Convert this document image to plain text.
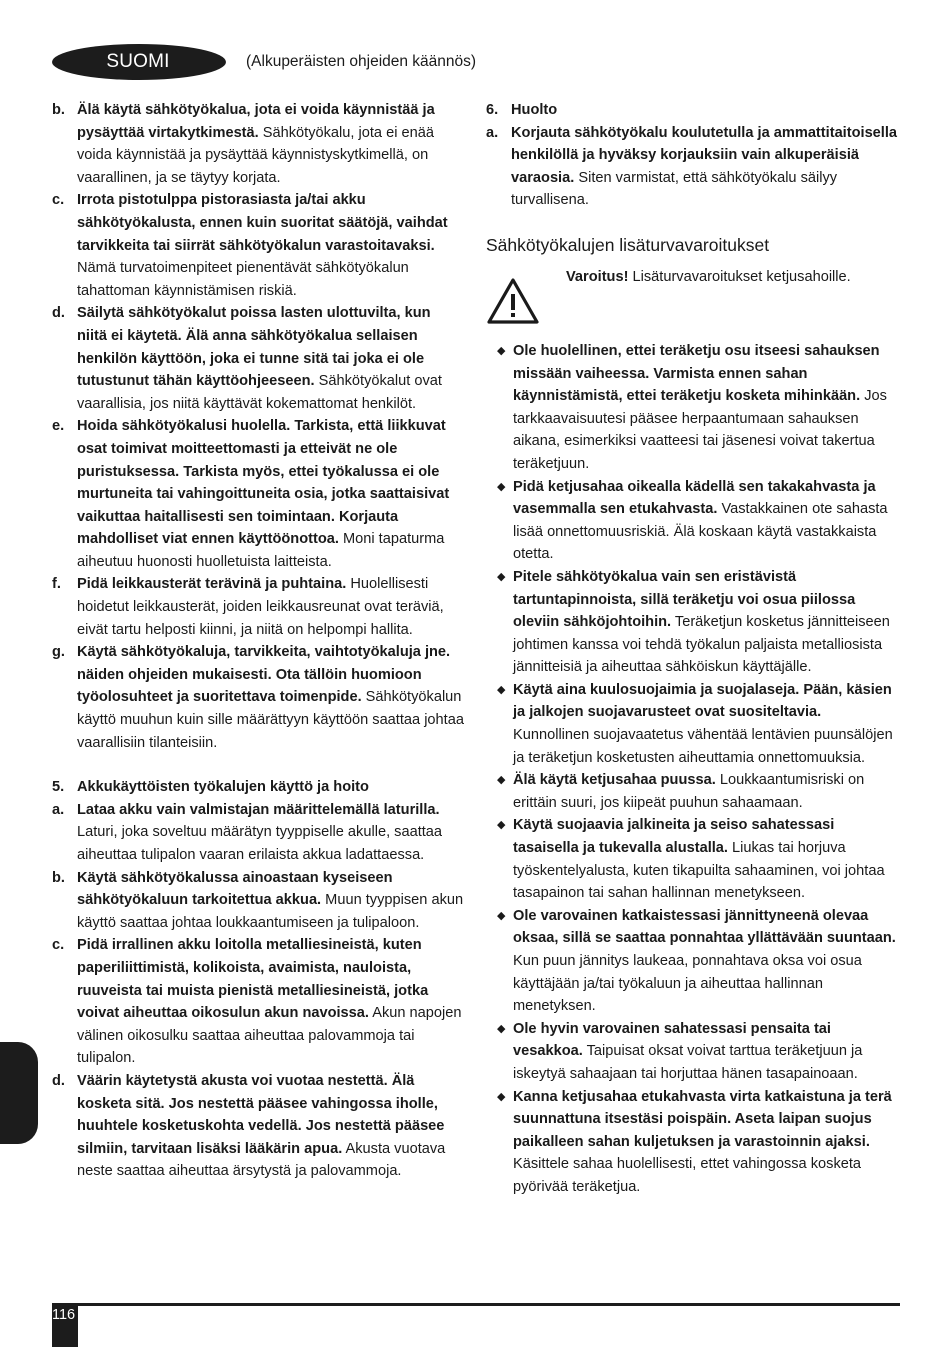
SUOMI	(Alkuperäisten ohjeiden käännös)
b. Älä käytä sähkötyökalua, jota ei voida käynnistää ja pysäyttää virtakytkimestä. Sähkötyökalu, jota ei enää voida käynnistää ja pysäyttää käynnistyskytkimellä, on vaarallinen, ja se täytyy korjata.
c. Irrota pistotulppa pistorasiasta ja/tai akku sähkötyökalusta, ennen kuin suoritat säätöjä, vaihdat tarvikkeita tai siirrät sähkötyökalun varastoitavaksi. Nämä turvatoimenpiteet pienentävät sähkötyökalun tahattoman käynnistämisen riskiä.
d. Säilytä sähkötyökalut poissa lasten ulottuvilta, kun niitä ei käytetä. Älä anna sähkötyökalua sellaisen henkilön käyttöön, joka ei tunne sitä tai joka ei ole tutustunut tähän käyttöohjeeseen. Sähkötyökalut ovat vaarallisia, jos niitä käyttävät kokemattomat henkilöt.
e. Hoida sähkötyökalusi huolella. Tarkista, että liikkuvat osat toimivat moitteettomasti ja etteivät ne ole puristuksessa. Tarkista myös, ettei työkalussa ei ole murtuneita tai vahingoittuneita osia, jotka saattaisivat vaikuttaa haitallisesti sen toimintaan. Korjauta mahdolliset viat ennen käyttöönottoa. Moni tapaturma aiheutuu huonosti huolletuista laitteista.
f.	Pidä leikkausterät terävinä ja puhtaina. Huolellisesti hoidetut leikkausterät, joiden leikkausreunat ovat teräviä, eivät tartu helposti kiinni, ja niitä on helpompi hallita.
g. Käytä sähkötyökaluja, tarvikkeita, vaihtotyökaluja jne. näiden ohjeiden mukaisesti. Ota tällöin huomioon työolosuhteet ja suoritettava toimenpide. Sähkötyökalun käyttö muuhun kuin sille määrättyyn käyttöön saattaa johtaa vaarallisiin tilanteisiin.
5. Akkukäyttöisten työkalujen käyttö ja hoito
a. Lataa akku vain valmistajan määrittelemällä laturilla. Laturi, joka soveltuu määrätyn tyyppiselle akulle, saattaa aiheuttaa tulipalon vaaran erilaista akkua ladattaessa.
b. Käytä sähkötyökalussa ainoastaan kyseiseen sähkötyökaluun tarkoitettua akkua. Muun tyyppisen akun käyttö saattaa johtaa loukkaantumiseen ja tulipaloon.
c. Pidä irrallinen akku loitolla metalliesineistä, kuten paperiliittimistä, kolikoista, avaimista, nauloista, ruuveista tai muista pienistä metalliesineistä, jotka voivat aiheuttaa oikosulun akun navoissa. Akun napojen välinen oikosulku saattaa aiheuttaa palovammoja tai tulipalon.
d. Väärin käytetystä akusta voi vuotaa nestettä. Älä kosketa sitä. Jos nestettä pääsee vahingossa iholle, huuhtele kosketuskohta vedellä. Jos nestettä pääsee silmiin, tarvitaan lisäksi lääkärin apua. Akusta vuotava neste saattaa aiheuttaa ärsytystä ja palovammoja.
6. Huolto
a. Korjauta sähkötyökalu koulutetulla ja ammattitaitoisella henkilöllä ja hyväksy korjauksiin vain alkuperäisiä varaosia. Siten varmistat, että sähkötyökalu säilyy turvallisena.
Sähkötyökalujen lisäturvavaroitukset
Varoitus! Lisäturvavaroitukset ketjusahoille.
◆ Ole huolellinen, ettei teräketju osu itseesi sahauksen missään vaiheessa. Varmista ennen sahan käynnistämistä, ettei teräketju kosketa mihinkään. Jos tarkkaavaisuutesi pääsee herpaantumaan sahauksen aikana, esimerkiksi vaatteesi tai jäsenesi voivat takertua teräketjuun.
◆ Pidä ketjusahaa oikealla kädellä sen takakahvasta ja vasemmalla sen etukahvasta. Vastakkainen ote sahasta lisää onnettomuusriskiä. Älä koskaan käytä vastakkaista otetta.
◆ Pitele sähkötyökalua vain sen eristävistä tartuntapinnoista, sillä teräketju voi osua piilossa oleviin sähköjohtoihin. Teräketjun kosketus jännitteiseen johtimen kanssa voi tehdä työkalun paljaista metalliosista jännitteisiä ja aiheuttaa sähköiskun käyttäjälle.
◆ Käytä aina kuulosuojaimia ja suojalaseja. Pään, käsien ja jalkojen suojavarusteet ovat suositeltavia. Kunnollinen suojavaatetus vähentää lentävien puunsälöjen ja teräketjun kosketusten aiheuttamia onnettomuuksia.
◆ Älä käytä ketjusahaa puussa. Loukkaantumisriski on erittäin suuri, jos kiipeät puuhun sahaamaan.
◆ Käytä suojaavia jalkineita ja seiso sahatessasi tasaisella ja tukevalla alustalla. Liukas tai horjuva työskentelyalusta, kuten tikapuilta sahaaminen, voi johtaa tasapainon tai sahan hallinnan menetykseen.
◆ Ole varovainen katkaistessasi jännittyneenä olevaa oksaa, sillä se saattaa ponnahtaa yllättävään suuntaan. Kun puun jännitys laukeaa, ponnahtava oksa voi osua käyttäjään ja/tai työkaluun ja aiheuttaa hallinnan menetyksen.
◆ Ole hyvin varovainen sahatessasi pensaita tai vesakkoa. Taipuisat oksat voivat tarttua teräketjuun ja iskeytyä sahaajaan tai horjuttaa hänen tasapainoaan.
◆ Kanna ketjusahaa etukahvasta virta katkaistuna ja terä suunnattuna itsestäsi poispäin. Aseta laipan suojus paikalleen sahan kuljetuksen ja varastoinnin ajaksi. Käsittele sahaa huolellisesti, ettet vahingossa kosketa pyörivää teräketjua.
116
